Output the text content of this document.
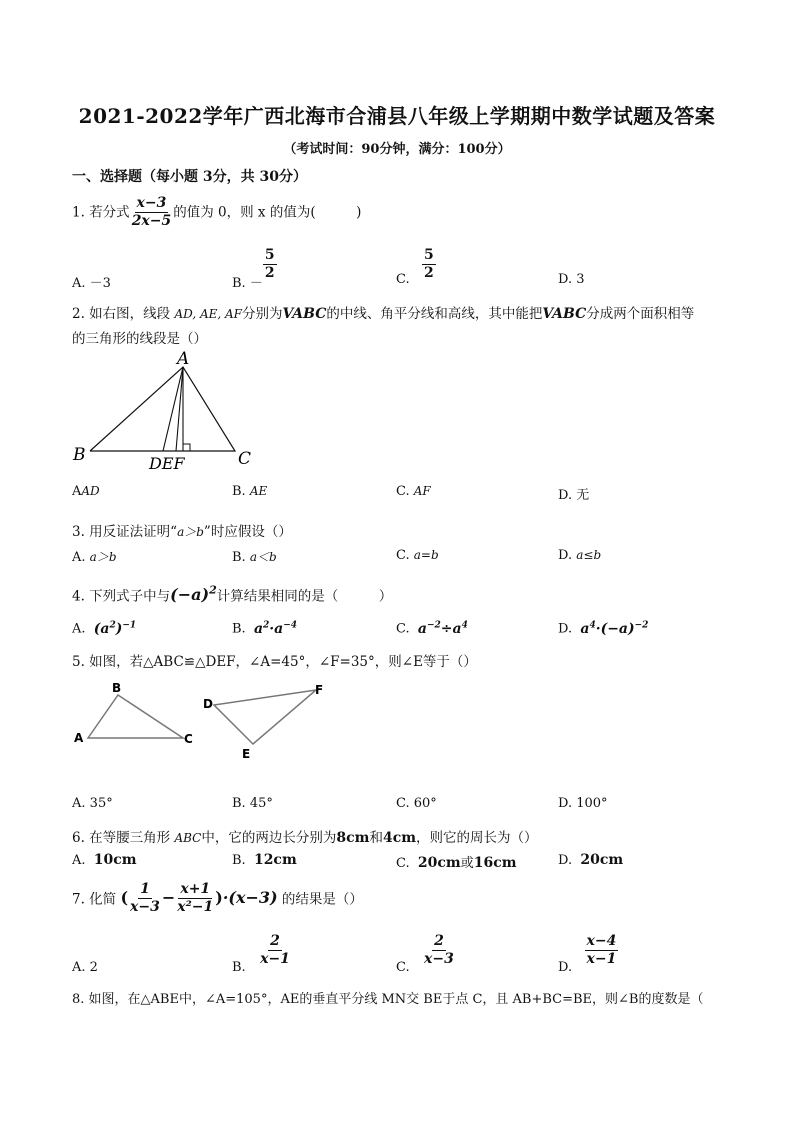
2021-2022学年广西北海市合浦县八年级上学期期中数学试题及答案
（考试时间：90分钟，满分：100分）
一、选择题（每小题 3分，共 30分）
1. 若分式 $\frac{x-3}{2x-5}$ 的值为 0，则 x 的值为(　　　)
A. －3	B. －
$\frac{5}{2}$	C. $\frac{5}{2}$	D. 3
2. 如右图，线段 AD, AE, AF分别为VABC的中线、角平分线和高线，其中能把VABC分成两个面积相等
的三角形的线段是（）
A
B	C
DEF
AAD	B. AE	C. AF	D. 无
3. 用反证法证明“a＞b”时应假设（）
A. a＞b	B. a＜b	C. a=b	D. a≤b
4. 下列式子中与$(-a)^2$计算结果相同的是（　　　）
A. $(a^2)^{-1}$	B. $a^2\cdot a^{-4}$	C. $a^{-2}\div a^4$	D. $a^4\cdot(-a)^{-2}$
5. 如图，若△ABC≌△DEF，∠A=45°，∠F=35°，则∠E等于（）
A
B
C
D
E
F
A. 35°	B. 45°	C. 60°	D. 100°
6. 在等腰三角形 ABC中，它的两边长分别为8cm和4cm，则它的周长为（）
A. 10cm	B. 12cm	C. 20cm或16cm	D. 20cm
7. 化简 ( $\frac{1}{x-3} - \frac{x+1}{\text{x²−1}} )\cdot(x-3)$ 的结果是（）
A. 2	B. $\frac{2}{x-1}$	C. $\frac{2}{x-3}$	D. $\frac{x-4}{x-1}$
8. 如图，在△ABE中，∠A=105°，AE的垂直平分线 MN交 BE于点 C，且 AB+BC=BE，则∠B的度数是（
